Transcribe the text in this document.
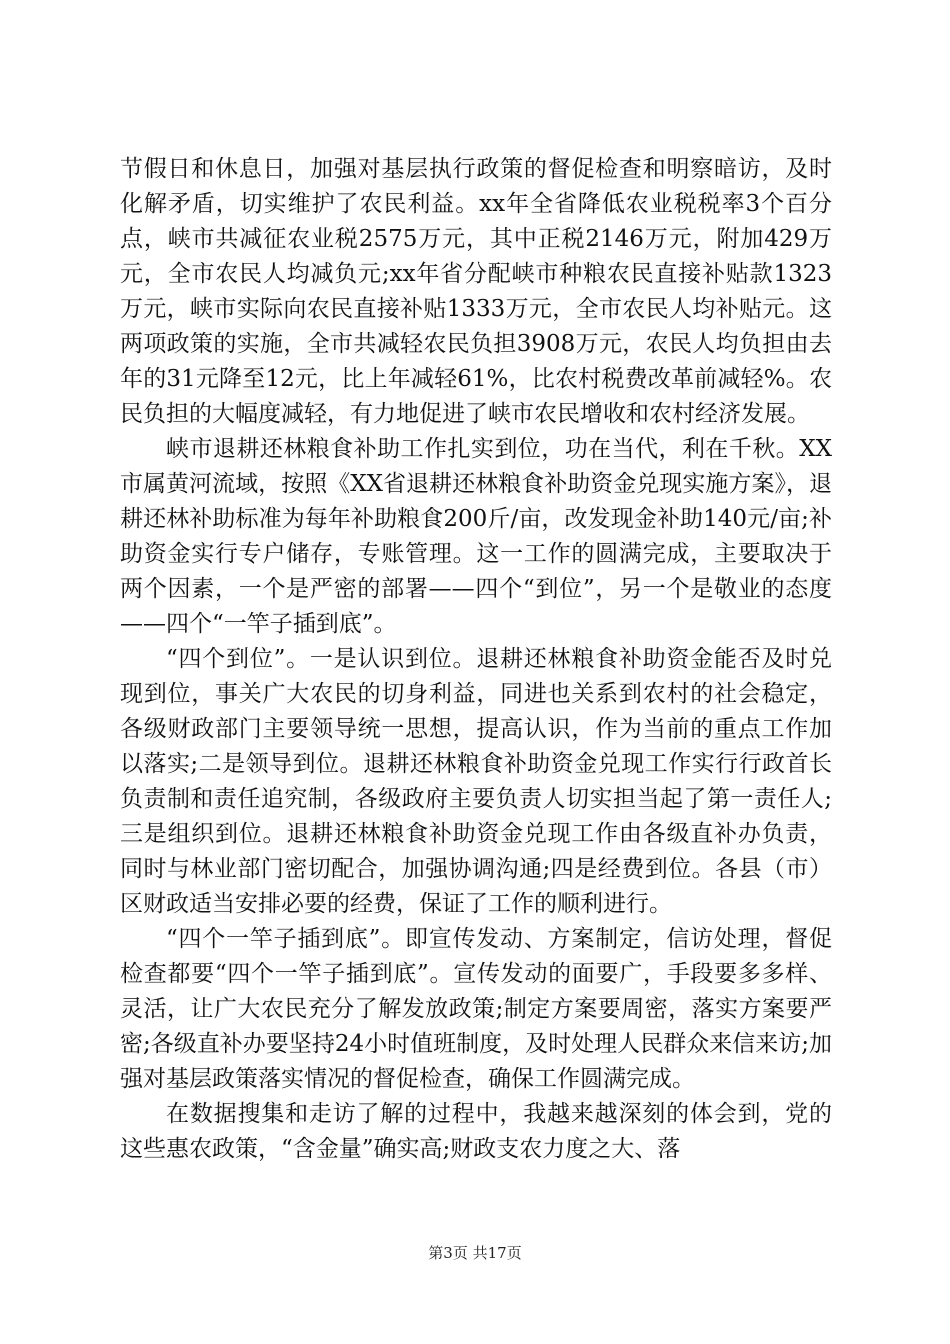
节假日和休息日，加强对基层执行政策的督促检查和明察暗访，及时化解矛盾，切实维护了农民利益。xx年全省降低农业税税率3个百分点，峡市共减征农业税2575万元，其中正税2146万元，附加429万元，全市农民人均减负元;xx年省分配峡市种粮农民直接补贴款1323万元，峡市实际向农民直接补贴1333万元，全市农民人均补贴元。这两项政策的实施，全市共减轻农民负担3908万元，农民人均负担由去年的31元降至12元，比上年减轻61%，比农村税费改革前减轻%。农民负担的大幅度减轻，有力地促进了峡市农民增收和农村经济发展。

峡市退耕还林粮食补助工作扎实到位，功在当代，利在千秋。XX市属黄河流域，按照《XX省退耕还林粮食补助资金兑现实施方案》，退耕还林补助标准为每年补助粮食200斤/亩，改发现金补助140元/亩;补助资金实行专户储存，专账管理。这一工作的圆满完成，主要取决于两个因素，一个是严密的部署——四个“到位”，另一个是敬业的态度——四个“一竿子插到底”。

“四个到位”。一是认识到位。退耕还林粮食补助资金能否及时兑现到位，事关广大农民的切身利益，同进也关系到农村的社会稳定，各级财政部门主要领导统一思想，提高认识，作为当前的重点工作加以落实;二是领导到位。退耕还林粮食补助资金兑现工作实行行政首长负责制和责任追究制，各级政府主要负责人切实担当起了第一责任人;三是组织到位。退耕还林粮食补助资金兑现工作由各级直补办负责，同时与林业部门密切配合，加强协调沟通;四是经费到位。各县（市）区财政适当安排必要的经费，保证了工作的顺利进行。

“四个一竿子插到底”。即宣传发动、方案制定，信访处理，督促检查都要“四个一竿子插到底”。宣传发动的面要广，手段要多多样、灵活，让广大农民充分了解发放政策;制定方案要周密，落实方案要严密;各级直补办要坚持24小时值班制度，及时处理人民群众来信来访;加强对基层政策落实情况的督促检查，确保工作圆满完成。

在数据搜集和走访了解的过程中，我越来越深刻的体会到，党的这些惠农政策，“含金量”确实高;财政支农力度之大、落

第3页 共17页
